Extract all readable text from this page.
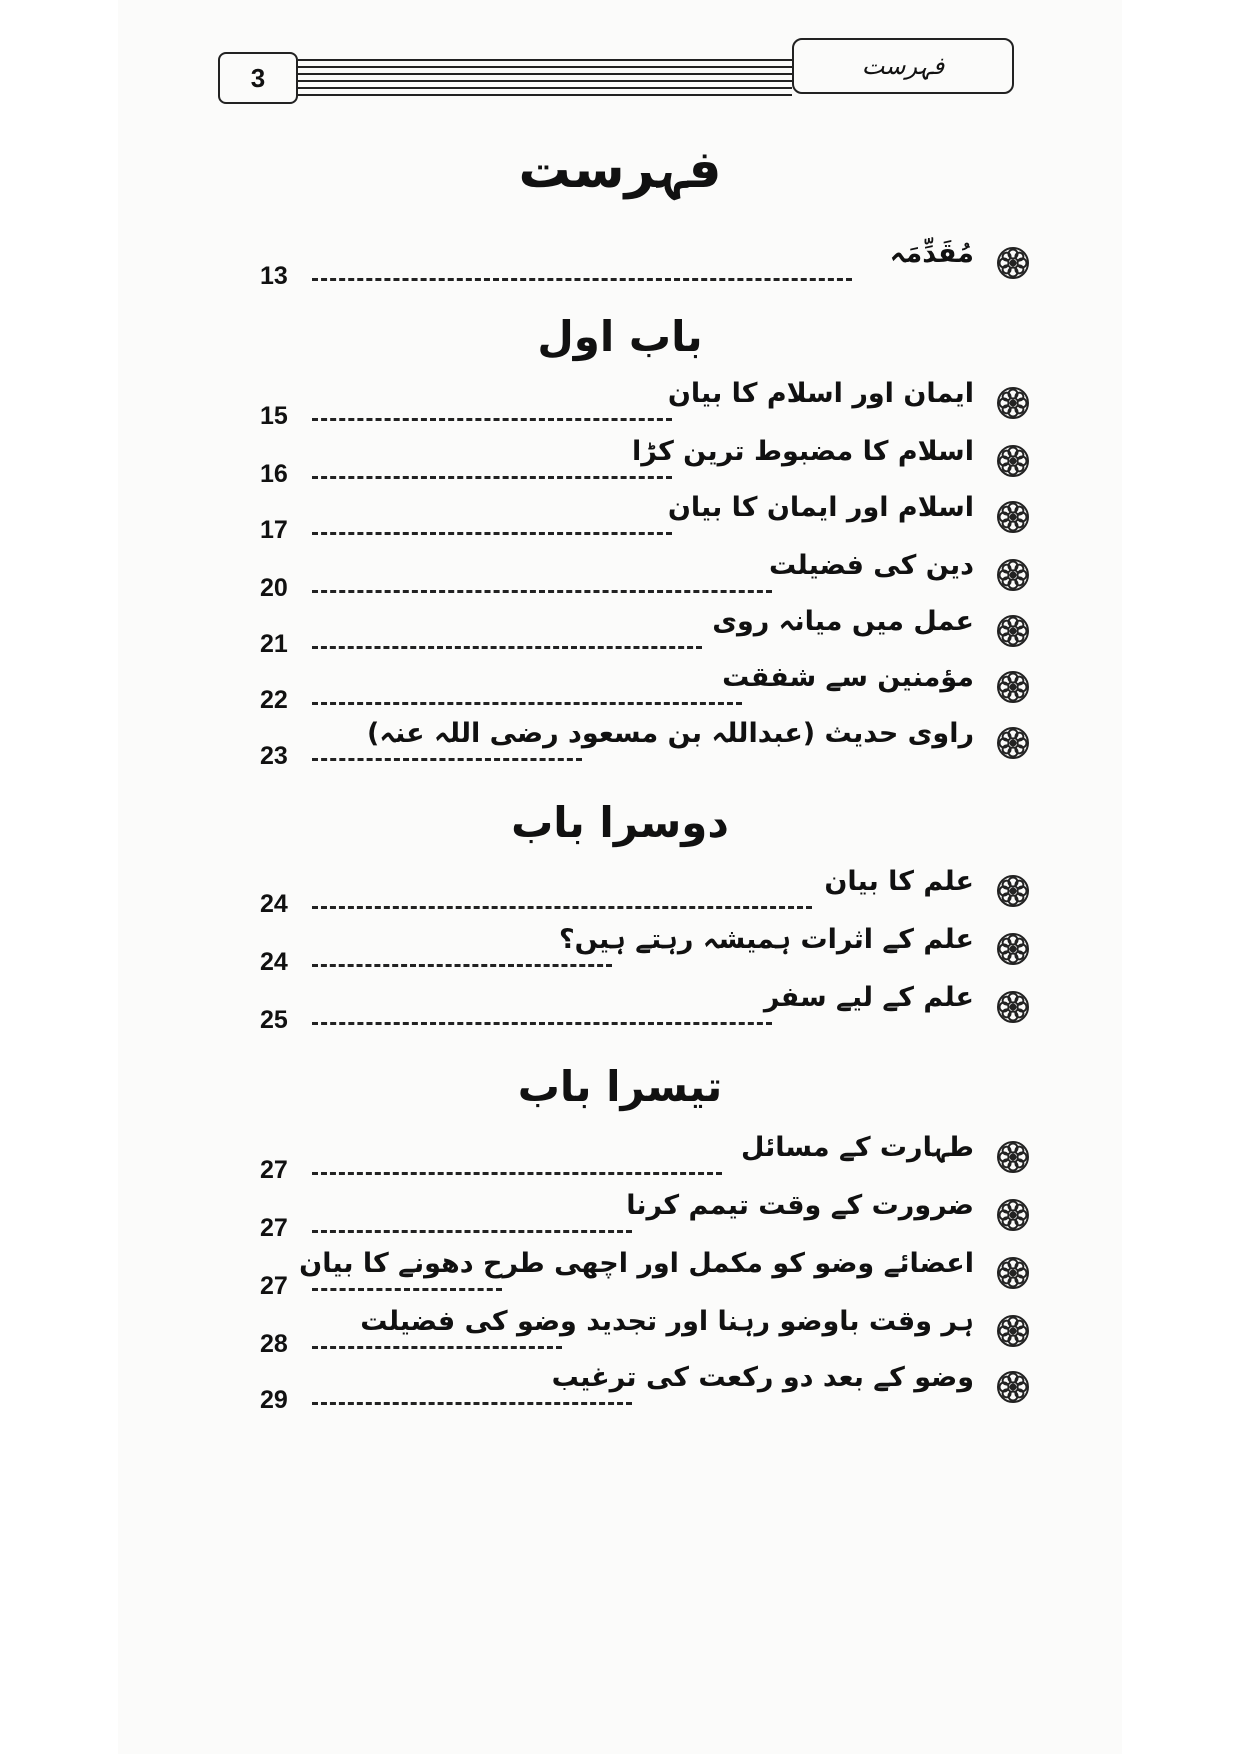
3	فہرست
فہرست
13
مُقَدِّمَہ
باب اول
15
ایمان اور اسلام کا بیان
16
اسلام کا مضبوط ترین کڑا
17
اسلام اور ایمان کا بیان
20
دین کی فضیلت
21
عمل میں میانہ روی
22
مؤمنین سے شفقت
23
راوی حدیث (عبداللہ بن مسعود رضی اللہ عنہ)
دوسرا باب
24
علم کا بیان
24
علم کے اثرات ہمیشہ رہتے ہیں؟
25
علم کے لیے سفر
تیسرا باب
27
طہارت کے مسائل
27
ضرورت کے وقت تیمم کرنا
27
اعضائے وضو کو مکمل اور اچھی طرح دھونے کا بیان
28
ہر وقت باوضو رہنا اور تجدید وضو کی فضیلت
29
وضو کے بعد دو رکعت کی ترغیب
